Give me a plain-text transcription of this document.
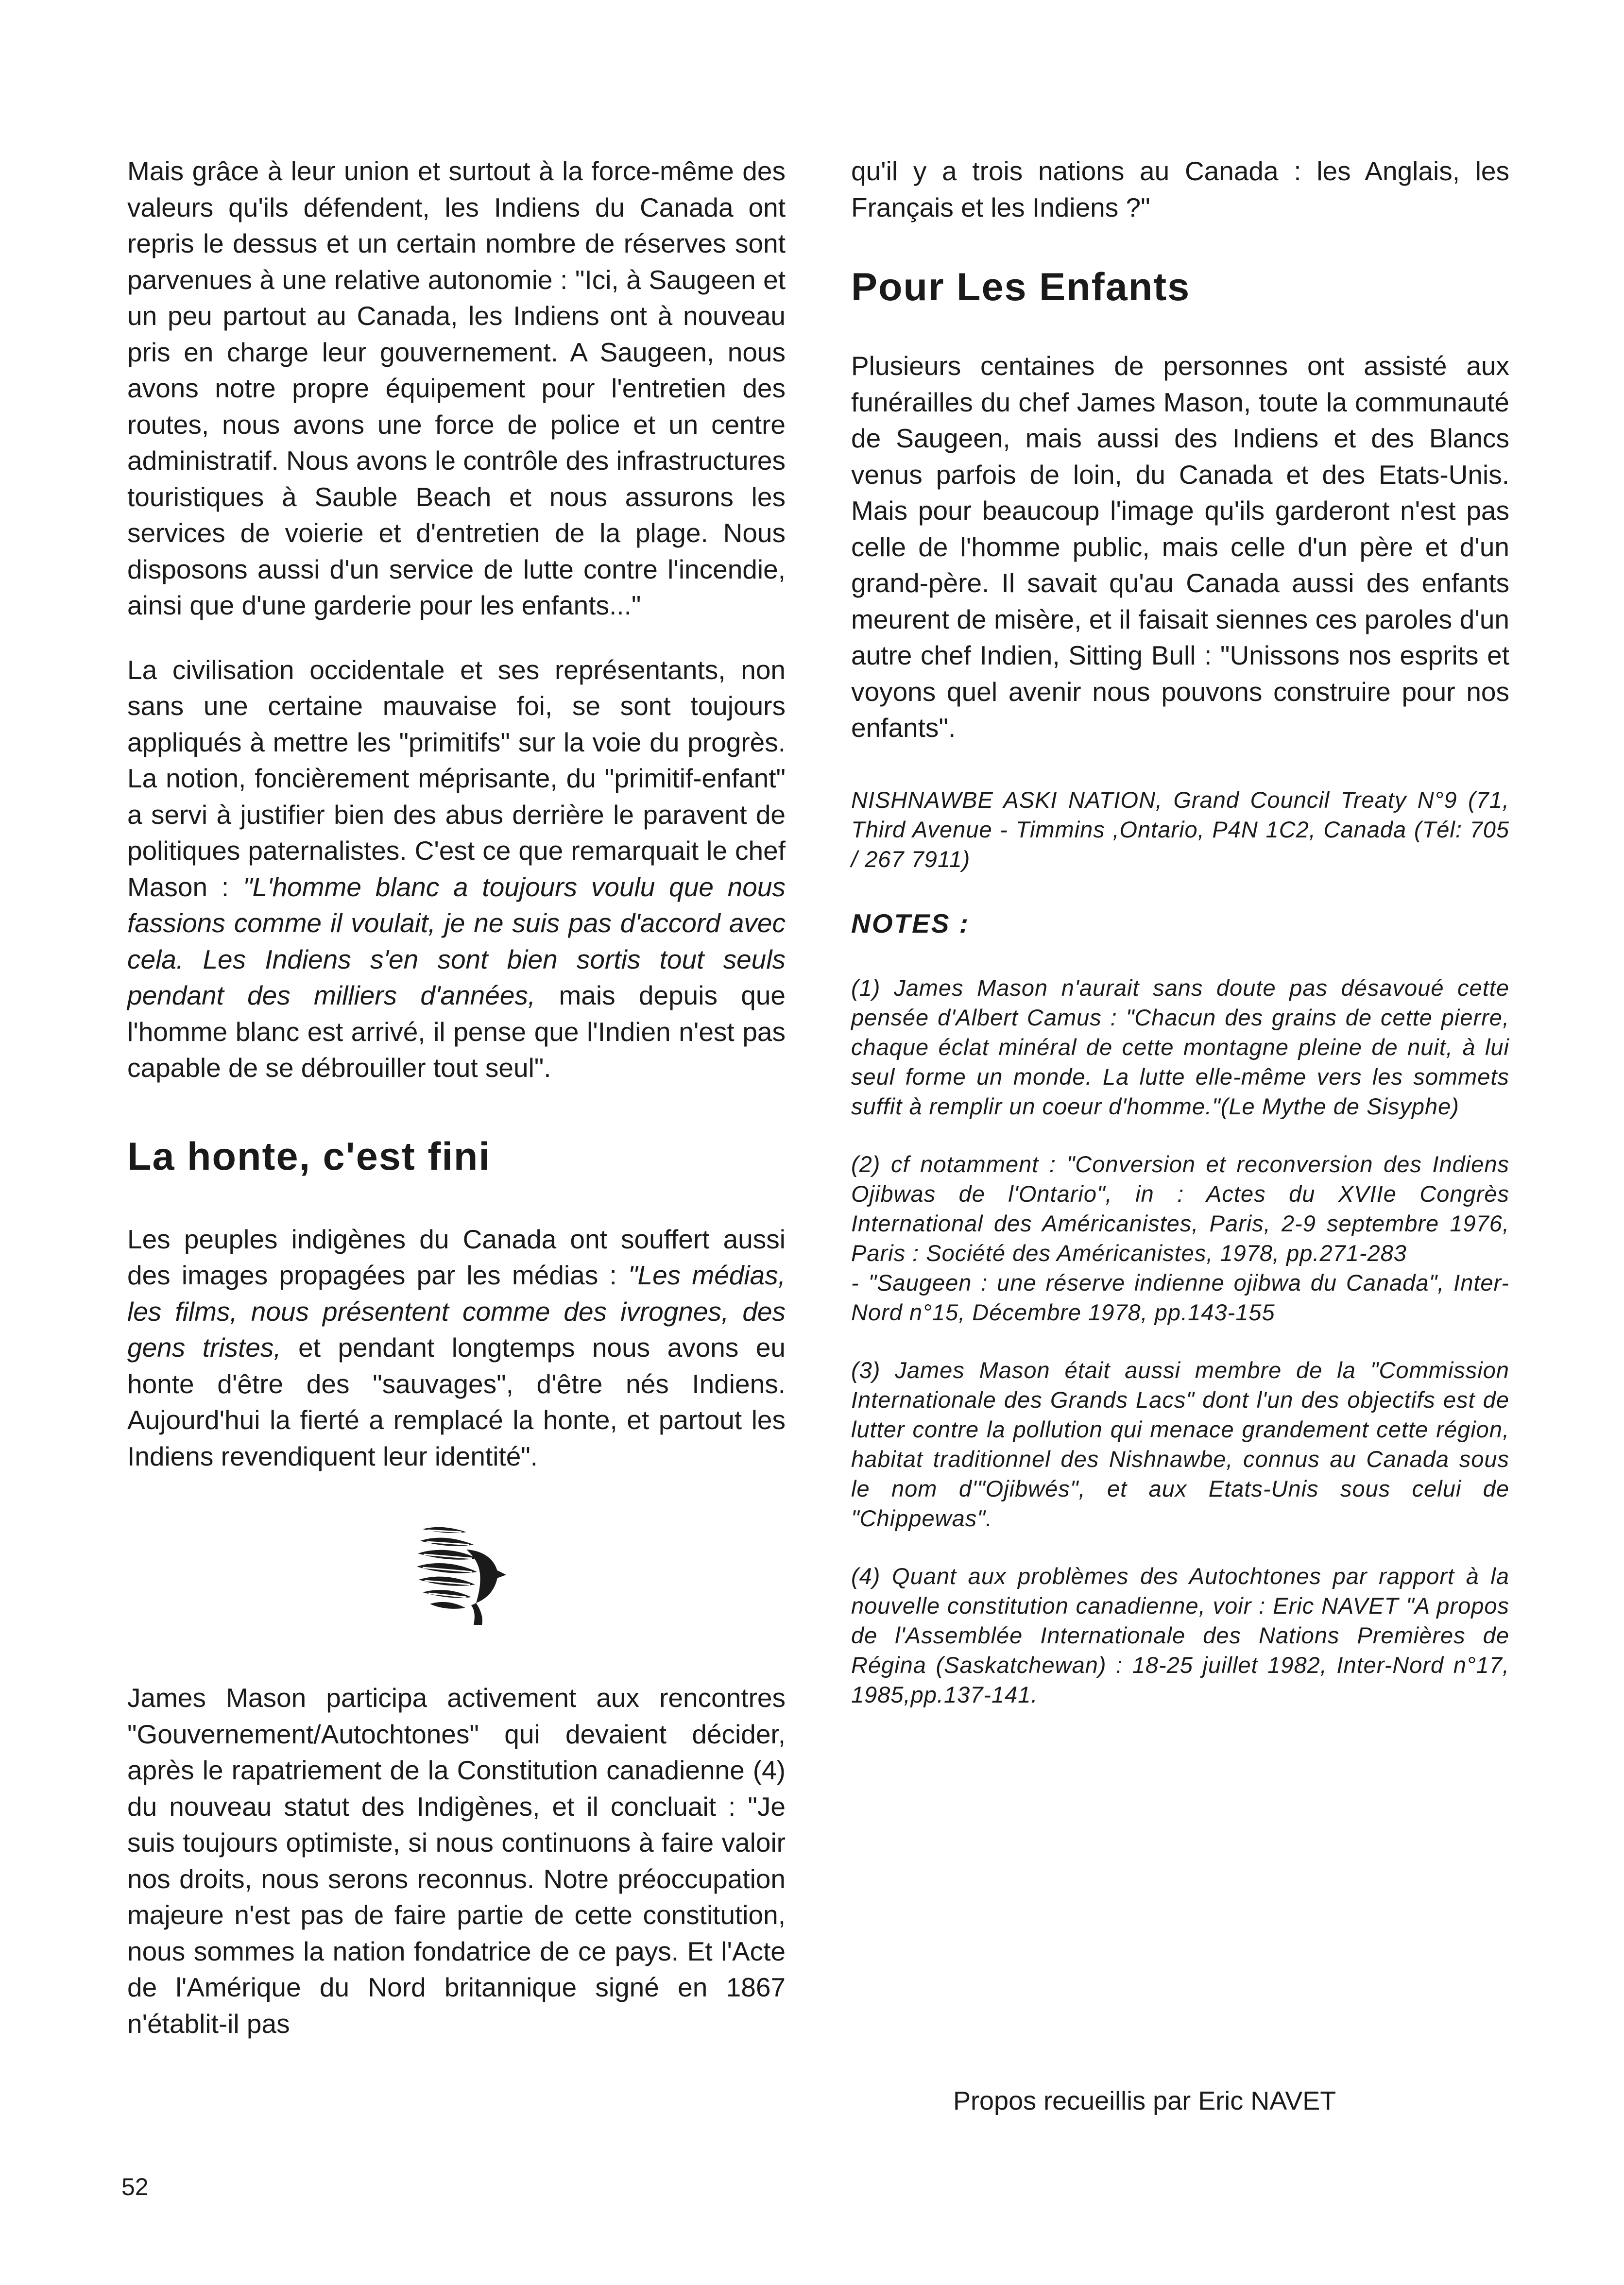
Mais grâce à leur union et surtout à la force-même des valeurs qu'ils défendent, les Indiens du Canada ont repris le dessus et un certain nombre de réserves sont parvenues à une relative autonomie : "Ici, à Saugeen et un peu partout au Canada, les Indiens ont à nouveau pris en charge leur gouvernement. A Saugeen, nous avons notre propre équipement pour l'entretien des routes, nous avons une force de police et un centre administratif. Nous avons le contrôle des infrastructures touristiques à Sauble Beach et nous assurons les services de voierie et d'entretien de la plage. Nous disposons aussi d'un service de lutte contre l'incendie, ainsi que d'une garderie pour les enfants..."

La civilisation occidentale et ses représentants, non sans une certaine mauvaise foi, se sont toujours appliqués à mettre les "primitifs" sur la voie du progrès. La notion, foncièrement méprisante, du "primitif-enfant" a servi à justifier bien des abus derrière le paravent de politiques paternalistes. C'est ce que remarquait le chef Mason : "L'homme blanc a toujours voulu que nous fassions comme il voulait, je ne suis pas d'accord avec cela. Les Indiens s'en sont bien sortis tout seuls pendant des milliers d'années, mais depuis que l'homme blanc est arrivé, il pense que l'Indien n'est pas capable de se débrouiller tout seul".

La honte, c'est fini

Les peuples indigènes du Canada ont souffert aussi des images propagées par les médias : "Les médias, les films, nous présentent comme des ivrognes, des gens tristes, et pendant longtemps nous avons eu honte d'être des "sauvages", d'être nés Indiens. Aujourd'hui la fierté a remplacé la honte, et partout les Indiens revendiquent leur identité".

James Mason participa activement aux rencontres "Gouvernement/Autochtones" qui devaient décider, après le rapatriement de la Constitution canadienne (4) du nouveau statut des Indigènes, et il concluait : "Je suis toujours optimiste, si nous continuons à faire valoir nos droits, nous serons reconnus. Notre préoccupation majeure n'est pas de faire partie de cette constitution, nous sommes la nation fondatrice de ce pays. Et l'Acte de l'Amérique du Nord britannique signé en 1867 n'établit-il pas

qu'il y a trois nations au Canada : les Anglais, les Français et les Indiens ?"

Pour Les Enfants

Plusieurs centaines de personnes ont assisté aux funérailles du chef James Mason, toute la communauté de Saugeen, mais aussi des Indiens et des Blancs venus parfois de loin, du Canada et des Etats-Unis. Mais pour beaucoup l'image qu'ils garderont n'est pas celle de l'homme public, mais celle d'un père et d'un grand-père. Il savait qu'au Canada aussi des enfants meurent de misère, et il faisait siennes ces paroles d'un autre chef Indien, Sitting Bull : "Unissons nos esprits et voyons quel avenir nous pouvons construire pour nos enfants".

NISHNAWBE ASKI NATION, Grand Council Treaty N°9 (71, Third Avenue - Timmins ,Ontario, P4N 1C2, Canada (Tél: 705 / 267 7911)

NOTES :

(1) James Mason n'aurait sans doute pas désavoué cette pensée d'Albert Camus : "Chacun des grains de cette pierre, chaque éclat minéral de cette montagne pleine de nuit, à lui seul forme un monde. La lutte elle-même vers les sommets suffit à remplir un coeur d'homme."(Le Mythe de Sisyphe)

(2) cf notamment : "Conversion et reconversion des Indiens Ojibwas de l'Ontario", in : Actes du XVIIe Congrès International des Américanistes, Paris, 2-9 septembre 1976, Paris : Société des Américanistes, 1978, pp.271-283

- "Saugeen : une réserve indienne ojibwa du Canada", Inter-Nord n°15, Décembre 1978, pp.143-155

(3) James Mason était aussi membre de la "Commission Internationale des Grands Lacs" dont l'un des objectifs est de lutter contre la pollution qui menace grandement cette région, habitat traditionnel des Nishnawbe, connus au Canada sous le nom d'"Ojibwés", et aux Etats-Unis sous celui de "Chippewas".

(4) Quant aux problèmes des Autochtones par rapport à la nouvelle constitution canadienne, voir : Eric NAVET "A propos de l'Assemblée Internationale des Nations Premières de Régina (Saskatchewan) : 18-25 juillet 1982, Inter-Nord n°17, 1985,pp.137-141.

Propos recueillis par Eric NAVET

52
